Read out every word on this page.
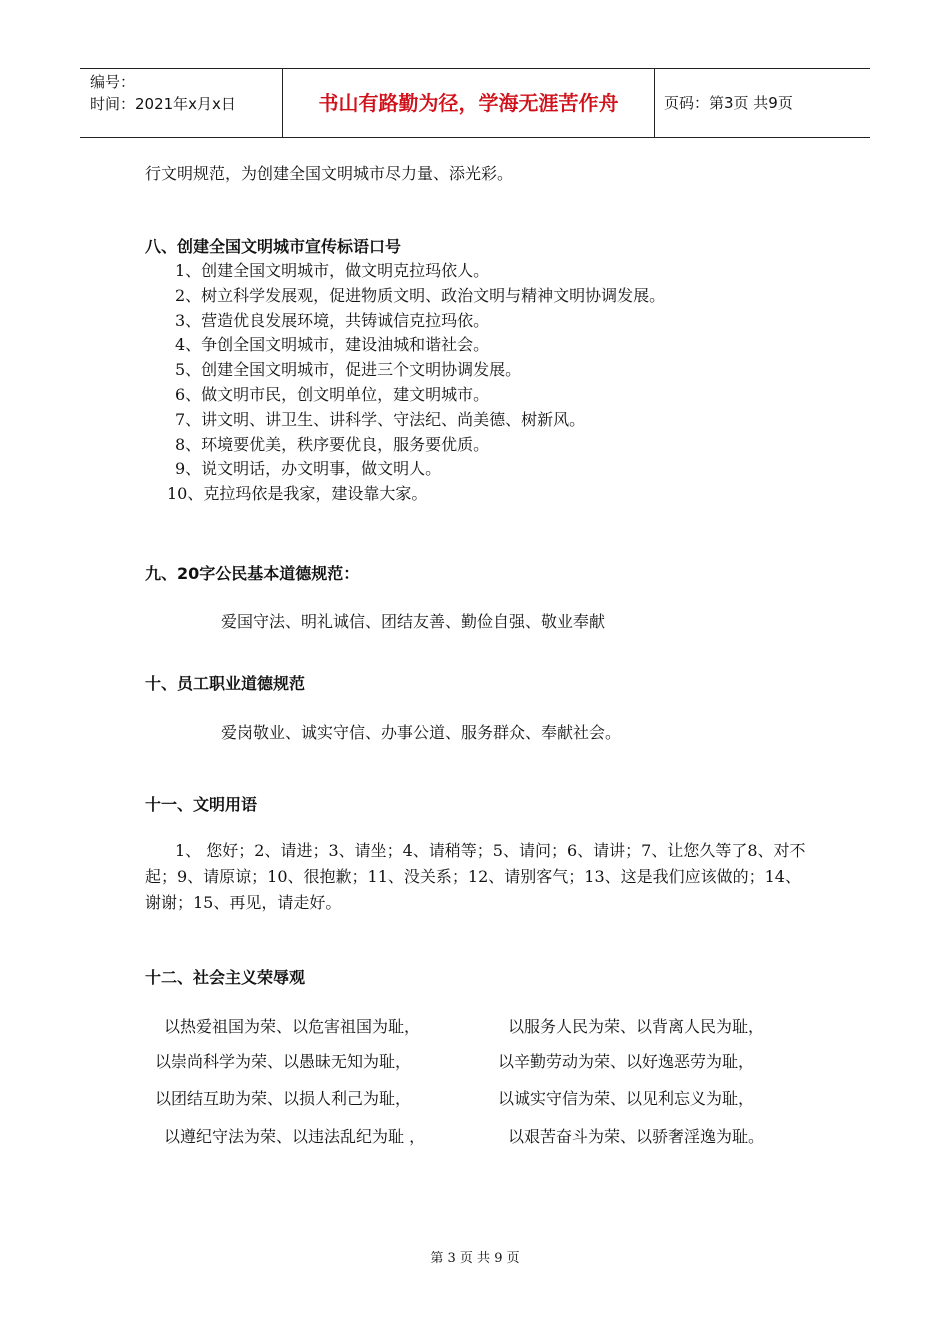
编号：
时间：2021年x月x日	书山有路勤为径，学海无涯苦作舟	页码：第3页 共9页
行文明规范，为创建全国文明城市尽力量、添光彩。
八、创建全国文明城市宣传标语口号
1、创建全国文明城市，做文明克拉玛依人。
2、树立科学发展观，促进物质文明、政治文明与精神文明协调发展。
3、营造优良发展环境，共铸诚信克拉玛依。
4、争创全国文明城市，建设油城和谐社会。
5、创建全国文明城市，促进三个文明协调发展。
6、做文明市民，创文明单位，建文明城市。
7、讲文明、讲卫生、讲科学、守法纪、尚美德、树新风。
8、环境要优美，秩序要优良，服务要优质。
9、说文明话，办文明事，做文明人。
10、克拉玛依是我家，建设靠大家。
九、20字公民基本道德规范：
爱国守法、明礼诚信、团结友善、勤俭自强、敬业奉献
十、员工职业道德规范
爱岗敬业、诚实守信、办事公道、服务群众、奉献社会。
十一、文明用语
1、 您好；2、请进；3、请坐；4、请稍等；5、请问；6、请讲；7、让您久等了8、对不起；9、请原谅；10、很抱歉；11、没关系；12、请别客气；13、这是我们应该做的；14、谢谢；15、再见，请走好。
十二、社会主义荣辱观
以热爱祖国为荣、以危害祖国为耻，	以服务人民为荣、以背离人民为耻，
以崇尚科学为荣、以愚昧无知为耻，	以辛勤劳动为荣、以好逸恶劳为耻，
以团结互助为荣、以损人利己为耻，	以诚实守信为荣、以见利忘义为耻，
以遵纪守法为荣、以违法乱纪为耻 ，	以艰苦奋斗为荣、以骄奢淫逸为耻。
第 3 页 共 9 页
